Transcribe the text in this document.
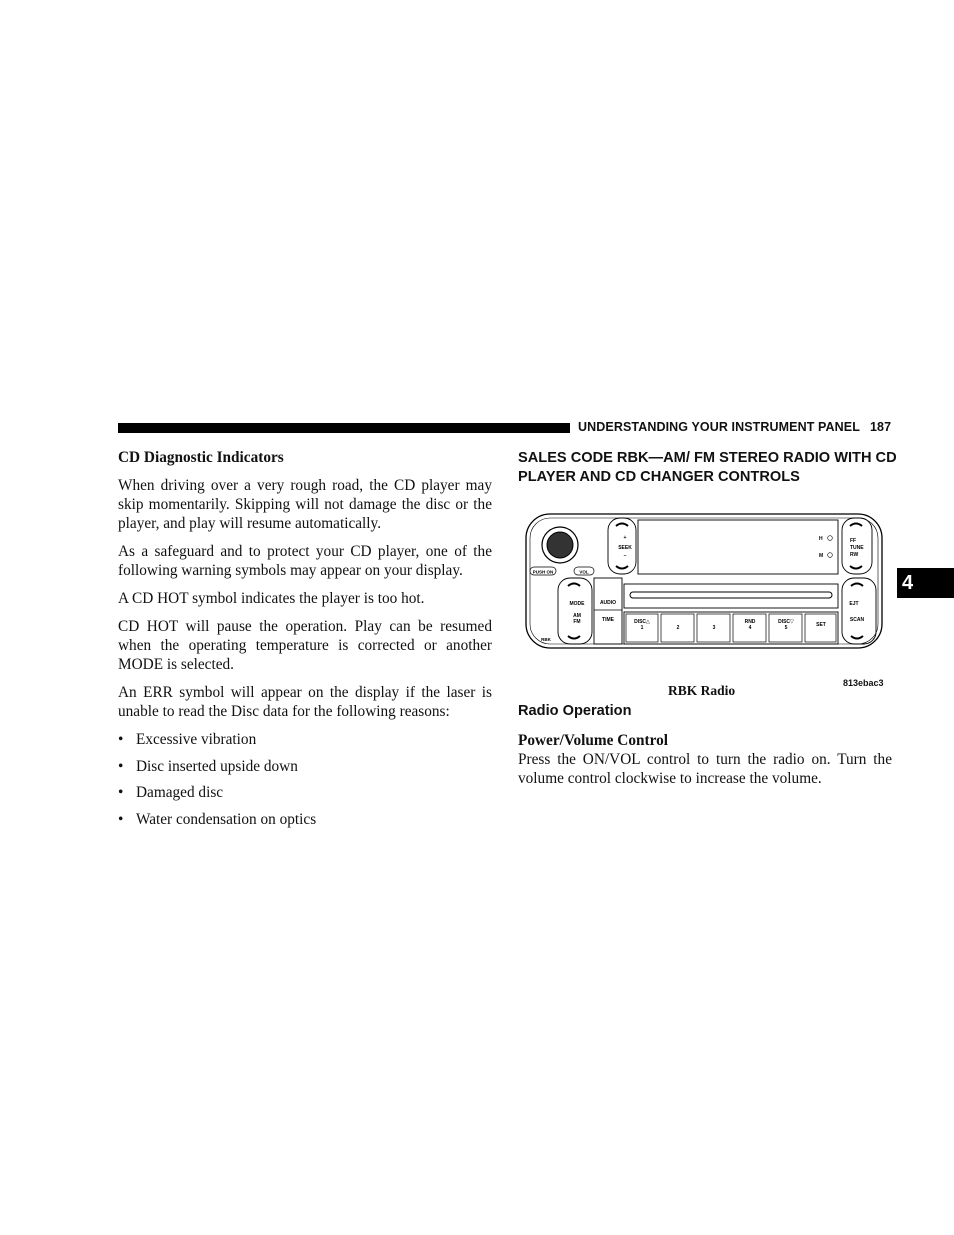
UNDERSTANDING YOUR INSTRUMENT PANEL 187
4

CD Diagnostic Indicators

When driving over a very rough road, the CD player may skip momentarily. Skipping will not damage the disc or the player, and play will resume automatically.

As a safeguard and to protect your CD player, one of the following warning symbols may appear on your display.

A CD HOT symbol indicates the player is too hot.

CD HOT will pause the operation. Play can be resumed when the operating temperature is corrected or another MODE is selected.

An ERR symbol will appear on the display if the laser is unable to read the Disc data for the following reasons:

• Excessive vibration
• Disc inserted upside down
• Damaged disc
• Water condensation on optics
SALES CODE RBK—AM/ FM STEREO RADIO WITH CD PLAYER AND CD CHANGER CONTROLS
PUSH ON	VOL
+
SEEK
–
H
M
FF
TUNE
RW
MODE
AM
FM
RBK
AUDIO
TIME	DISC△
1	2	3
RND
4
DISC▽
5	SET
EJT
SCAN
RBK Radio	813ebac3
Radio Operation

Power/Volume Control

Press the ON/VOL control to turn the radio on. Turn the volume control clockwise to increase the volume.
